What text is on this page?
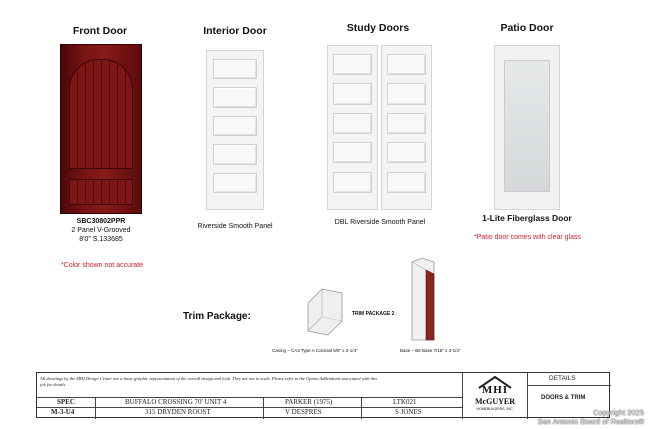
Front Door
SBC30802PPR
2 Panel V-Grooved
8'0" S.133685
*Color shown not accurate
Interior Door
Riverside Smooth Panel
Study Doors
DBL Riverside Smooth Panel
Patio Door
1-Lite Fiberglass Door
*Patio door comes with clear glass
Trim Package:	TRIM PACKAGE 2
Casing – CA3 Type A Colonial 5/8" x 2-1/4"	Base – B6 Base 7/16" x 3-1/4"
All drawings by the MHI Design Center are a basic graphic representation of the overall design and look. They are not to scale. Please refer to the Option Addendums associated with this
job for details.
SPEC
M-3-U4
BUFFALO CROSSING 70' UNIT 4
315 DRYDEN ROOST
PARKER (1975)
V DESPRES
LTK021
S JONES
MHI
McGUYER
HOMEBUILDERS, INC.
DETAILS
DOORS & TRIM
Copyright 2025
San Antonio Board of Realtors®
